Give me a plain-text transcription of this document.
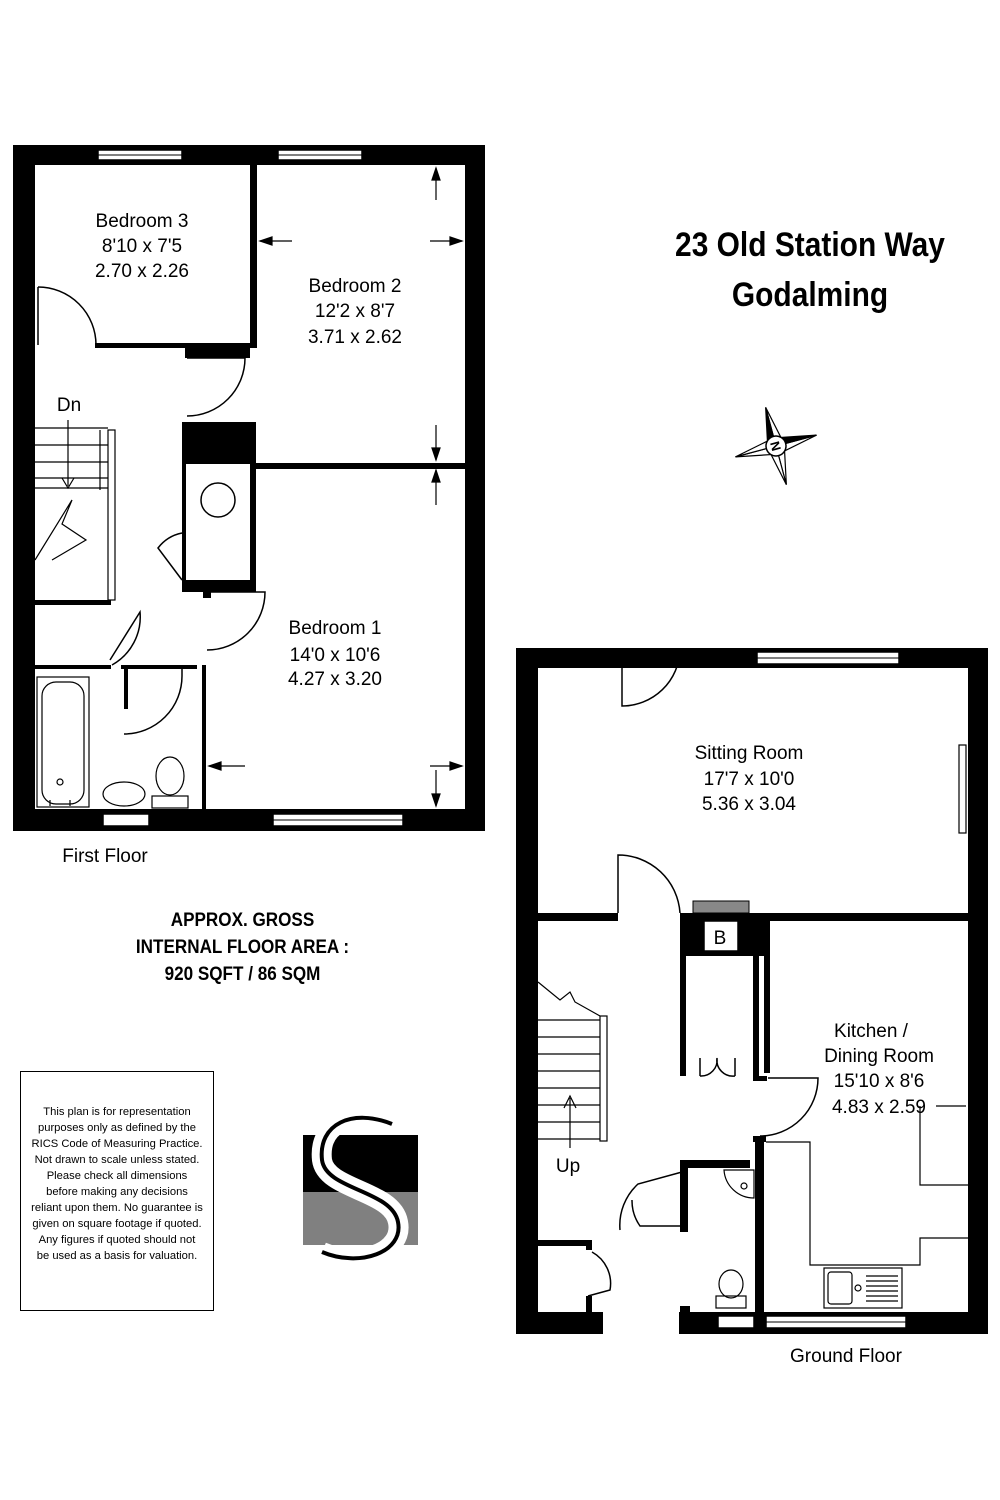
Bedroom 3
8'10 x 7'5
2.70 x 2.26
Bedroom 2
12'2 x 8'7
3.71 x 2.62
Bedroom 1
14'0 x 10'6
4.27 x 3.20
Dn
First Floor
B
Sitting Room
17'7 x 10'0
5.36 x 3.04
Kitchen /
Dining Room
15'10 x 8'6
4.83 x 2.59
Up
Ground Floor
N
23 Old Station Way
Godalming
APPROX. GROSS
INTERNAL FLOOR AREA :
920 SQFT / 86 SQM
This plan is for representation purposes only as defined by the RICS Code of Measuring Practice. Not drawn to scale unless stated. Please check all dimensions before making any decisions reliant upon them. No guarantee is given on square footage if quoted. Any figures if quoted should not be used as a basis for valuation.
